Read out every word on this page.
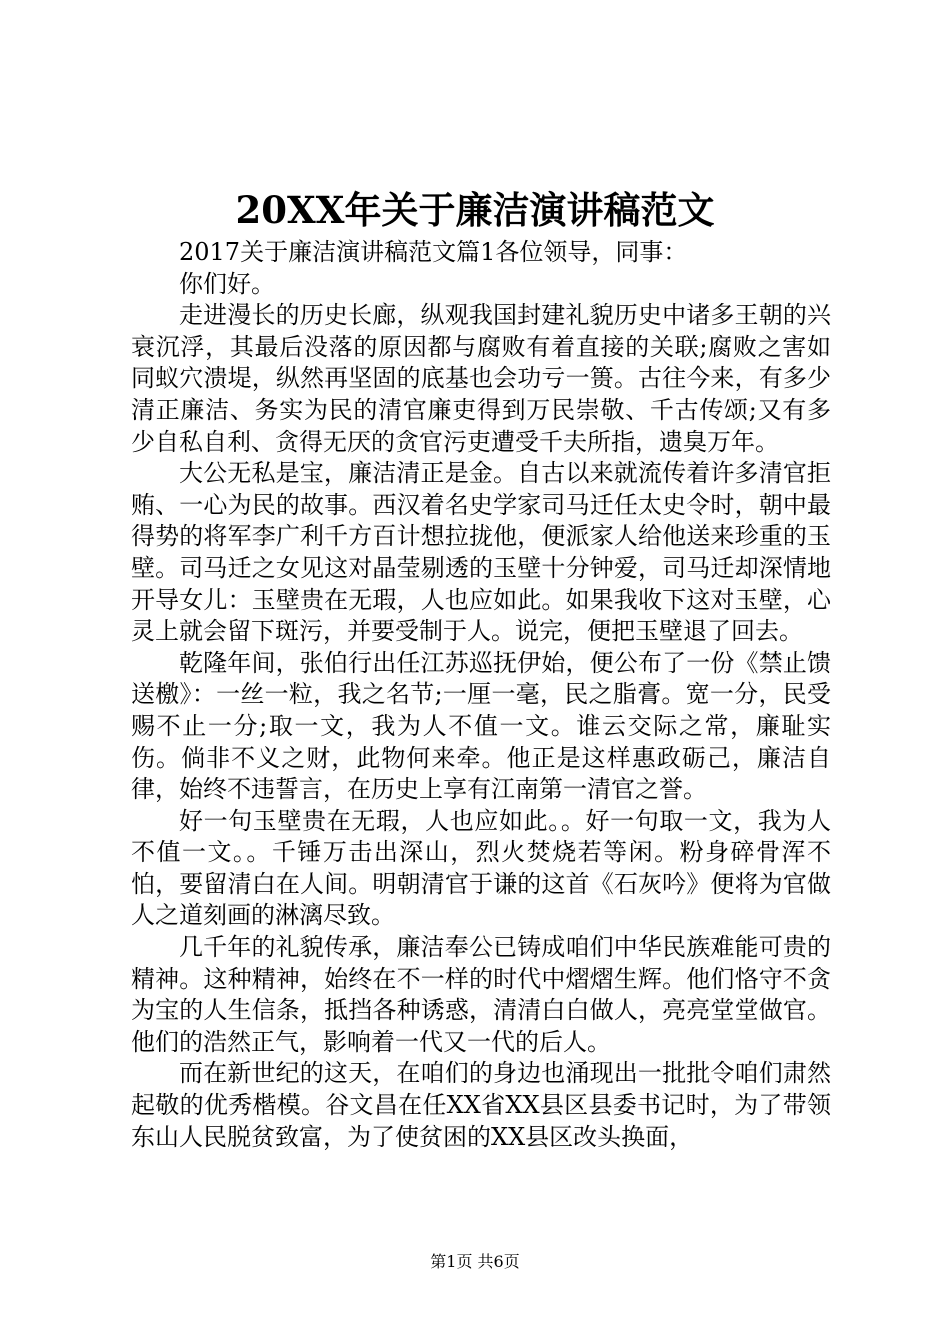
20XX年关于廉洁演讲稿范文

2017关于廉洁演讲稿范文篇1各位领导，同事：

你们好。

走进漫长的历史长廊，纵观我国封建礼貌历史中诸多王朝的兴衰沉浮，其最后没落的原因都与腐败有着直接的关联;腐败之害如同蚁穴溃堤，纵然再坚固的底基也会功亏一篑。古往今来，有多少清正廉洁、务实为民的清官廉吏得到万民崇敬、千古传颂;又有多少自私自利、贪得无厌的贪官污吏遭受千夫所指，遗臭万年。

大公无私是宝，廉洁清正是金。自古以来就流传着许多清官拒贿、一心为民的故事。西汉着名史学家司马迁任太史令时，朝中最得势的将军李广利千方百计想拉拢他，便派家人给他送来珍重的玉壁。司马迁之女见这对晶莹剔透的玉壁十分钟爱，司马迁却深情地开导女儿：玉壁贵在无瑕，人也应如此。如果我收下这对玉壁，心灵上就会留下斑污，并要受制于人。说完，便把玉壁退了回去。

乾隆年间，张伯行出任江苏巡抚伊始，便公布了一份《禁止馈送檄》：一丝一粒，我之名节;一厘一毫，民之脂膏。宽一分，民受赐不止一分;取一文，我为人不值一文。谁云交际之常，廉耻实伤。倘非不义之财，此物何来牵。他正是这样惠政砺己，廉洁自律，始终不违誓言，在历史上享有江南第一清官之誉。

好一句玉壁贵在无瑕，人也应如此。。好一句取一文，我为人不值一文。。千锤万击出深山，烈火焚烧若等闲。粉身碎骨浑不怕，要留清白在人间。明朝清官于谦的这首《石灰吟》便将为官做人之道刻画的淋漓尽致。

几千年的礼貌传承，廉洁奉公已铸成咱们中华民族难能可贵的精神。这种精神，始终在不一样的时代中熠熠生辉。他们恪守不贪为宝的人生信条，抵挡各种诱惑，清清白白做人，亮亮堂堂做官。他们的浩然正气，影响着一代又一代的后人。

而在新世纪的这天，在咱们的身边也涌现出一批批令咱们肃然起敬的优秀楷模。谷文昌在任XX省XX县区县委书记时，为了带领东山人民脱贫致富，为了使贫困的XX县区改头换面，

第1页 共6页
